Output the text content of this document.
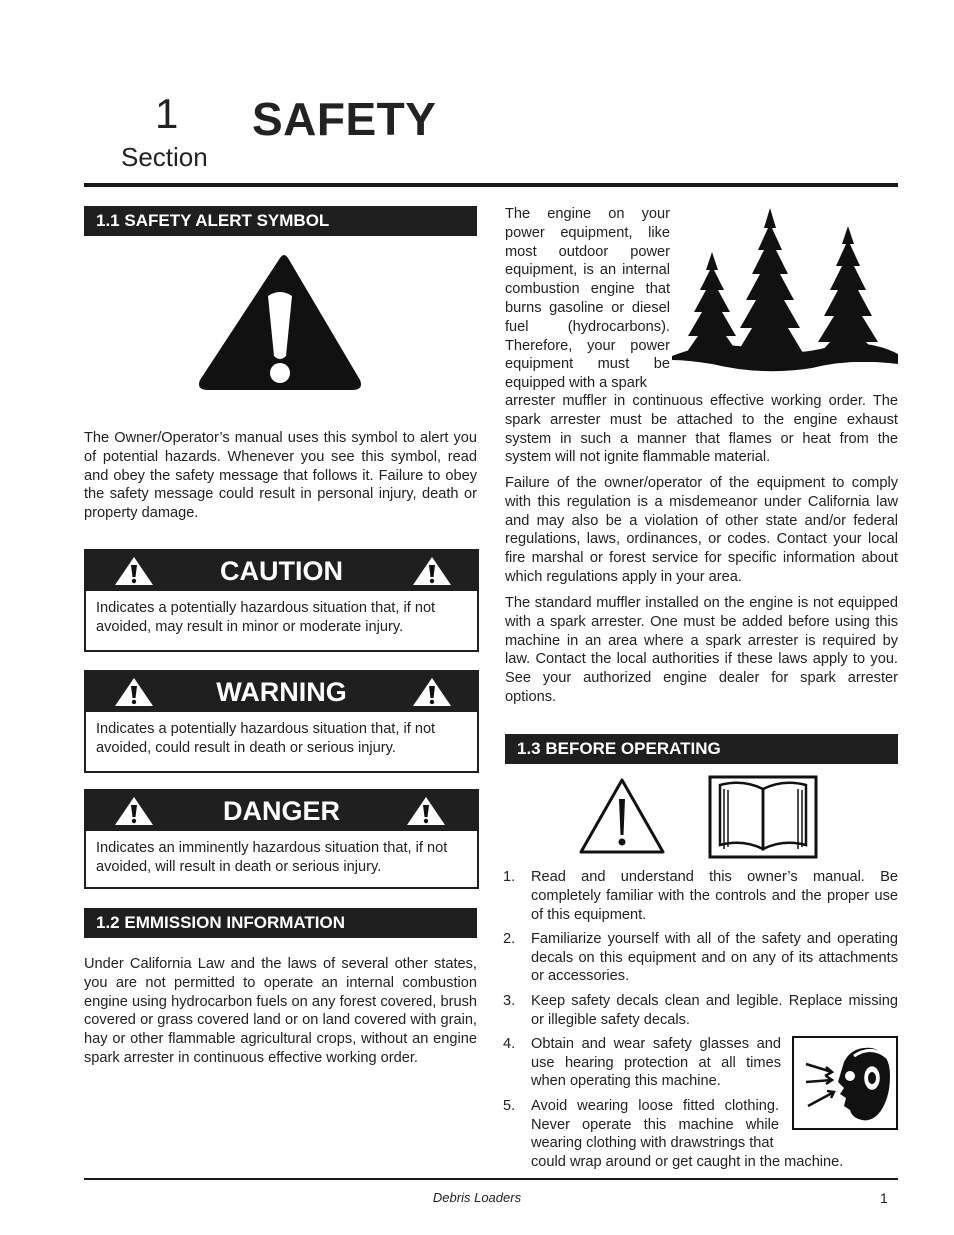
1
Section
SAFETY
1.1 SAFETY ALERT SYMBOL
The Owner/Operator’s manual uses this symbol to alert you of potential hazards. Whenever you see this symbol, read and obey the safety message that follows it. Failure to obey the safety message could result in personal injury, death or property damage.
CAUTION
Indicates a potentially hazardous situation that, if not avoided, may result in minor or moderate injury.
WARNING
Indicates a potentially hazardous situation that, if not avoided, could result in death or serious injury.
DANGER
Indicates an imminently hazardous situation that, if not avoided, will result in death or serious injury.
1.2 EMMISSION INFORMATION
Under California Law and the laws of several other states, you are not permitted to operate an internal combustion engine using hydrocarbon fuels on any forest covered, brush covered or grass covered land or on land covered with grain, hay or other flammable agricultural crops, without an engine spark arrester in continuous effective working order.
The engine on your power equipment, like most outdoor power equipment, is an internal combustion engine that burns gasoline or diesel fuel (hydrocarbons). Therefore, your power equipment must be equipped with a spark
arrester muffler in continuous effective working order. The spark arrester must be attached to the engine exhaust system in such a manner that flames or heat from the system will not ignite flammable material.
Failure of the owner/operator of the equipment to comply with this regulation is a misdemeanor under California law and may also be a violation of other state and/or federal regulations, laws, ordinances, or codes. Contact your local fire marshal or forest service for specific information about which regulations apply in your area.
The standard muffler installed on the engine is not equipped with a spark arrester. One must be added before using this machine in an area where a spark arrester is required by law. Contact the local authorities if these laws apply to you. See your authorized engine dealer for spark arrester options.
1.3 BEFORE OPERATING
1. Read and understand this owner’s manual. Be completely familiar with the controls and the proper use of this equipment.
2. Familiarize yourself with all of the safety and operating decals on this equipment and on any of its attachments or accessories.
3. Keep safety decals clean and legible. Replace missing or illegible safety decals.
4. Obtain and wear safety glasses and use hearing protection at all times when operating this machine.
5. Avoid wearing loose fitted clothing. Never operate this machine while wearing clothing with drawstrings that
could wrap around or get caught in the machine.
Debris Loaders	1
